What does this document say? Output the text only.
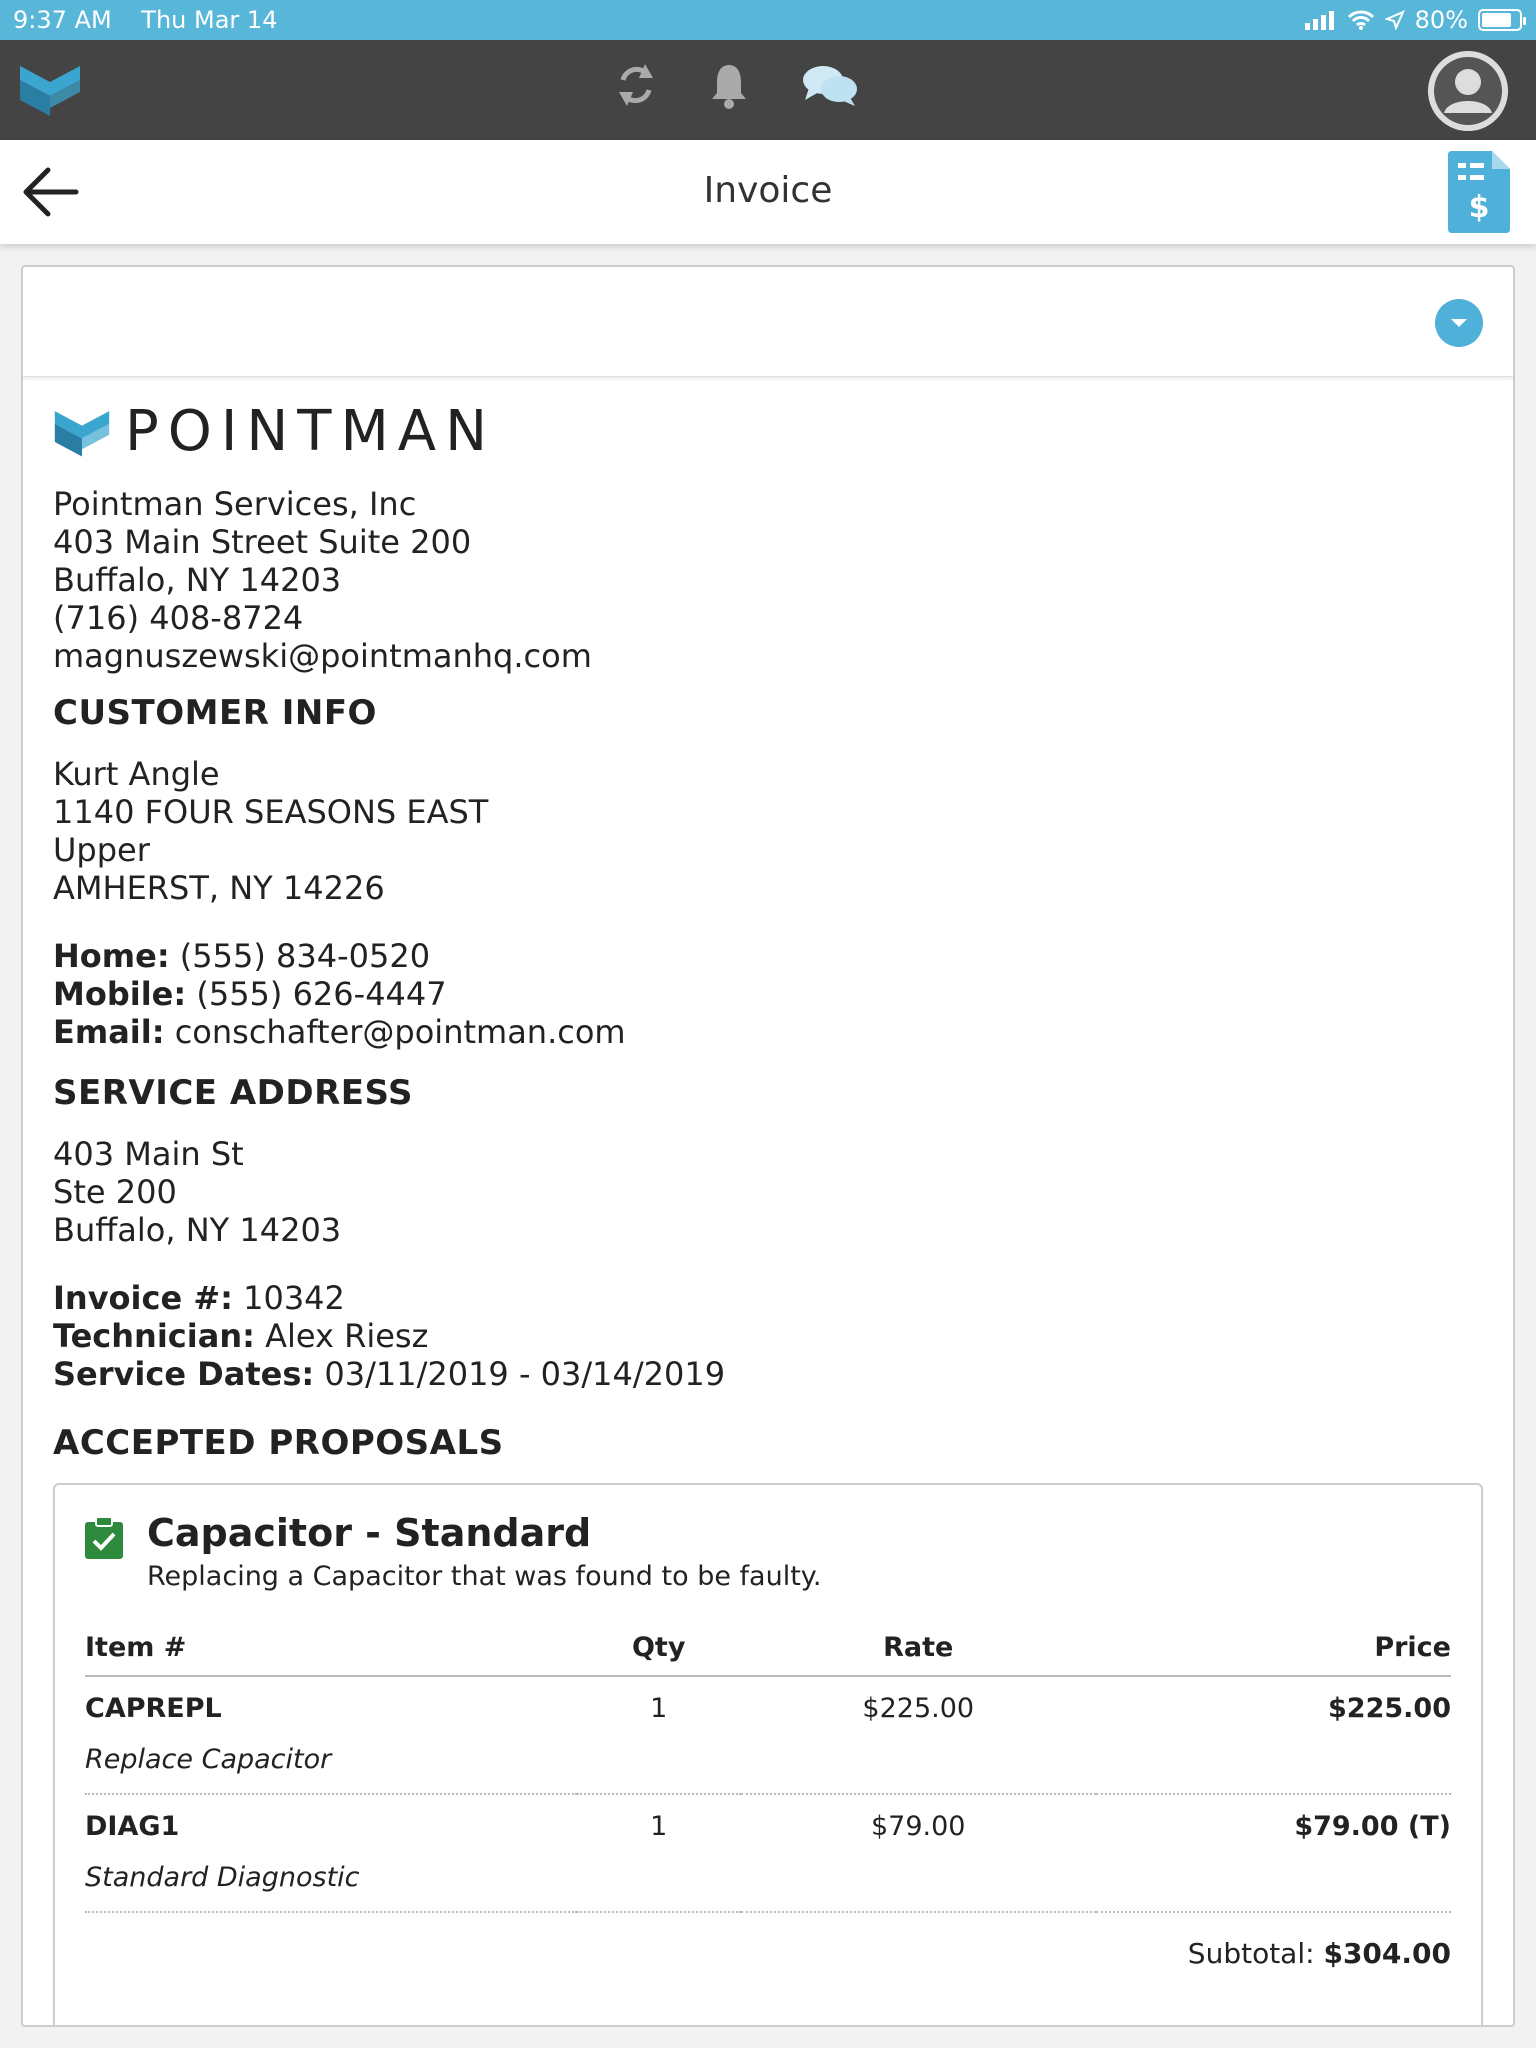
9:37 AM Thu Mar 14	80%
Invoice	$
POINTMAN
Pointman Services, Inc
403 Main Street Suite 200
Buffalo, NY 14203
(716) 408-8724
magnuszewski@pointmanhq.com
CUSTOMER INFO
Kurt Angle
1140 FOUR SEASONS EAST
Upper
AMHERST, NY 14226
Home: (555) 834-0520
Mobile: (555) 626-4447
Email: conschafter@pointman.com
SERVICE ADDRESS
403 Main St
Ste 200
Buffalo, NY 14203
Invoice #: 10342
Technician: Alex Riesz
Service Dates: 03/11/2019 - 03/14/2019
ACCEPTED PROPOSALS
Capacitor - Standard
Replacing a Capacitor that was found to be faulty.
Item #	Qty	Rate	Price
CAPREPL	1	$225.00	$225.00
Replace Capacitor			
DIAG1	1	$79.00	$79.00 (T)
Standard Diagnostic			
Subtotal: $304.00
